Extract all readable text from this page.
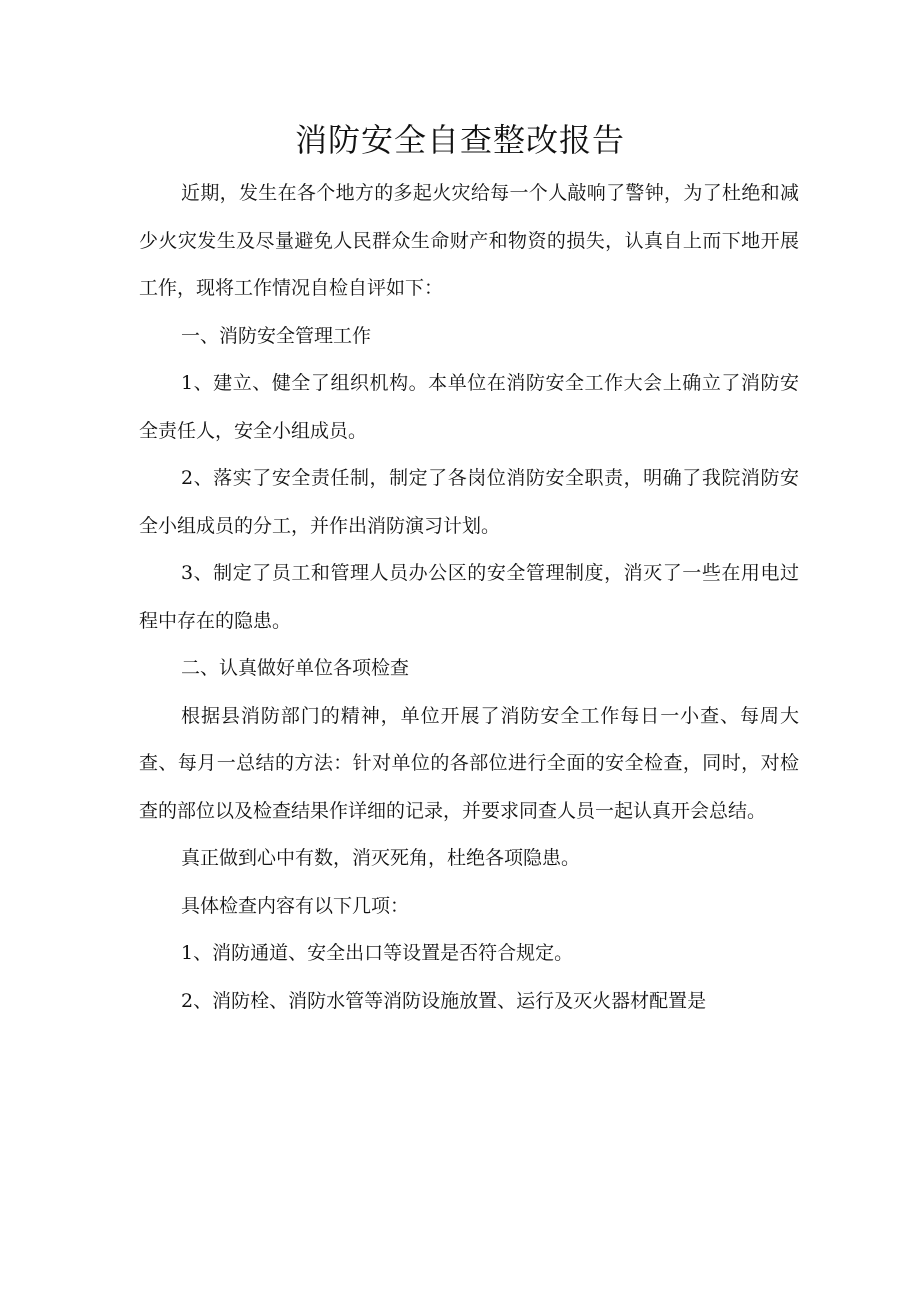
消防安全自查整改报告

近期，发生在各个地方的多起火灾给每一个人敲响了警钟，为了杜绝和减少火灾发生及尽量避免人民群众生命财产和物资的损失，认真自上而下地开展工作，现将工作情况自检自评如下：

一、消防安全管理工作

1、建立、健全了组织机构。本单位在消防安全工作大会上确立了消防安全责任人，安全小组成员。

2、落实了安全责任制，制定了各岗位消防安全职责，明确了我院消防安全小组成员的分工，并作出消防演习计划。

3、制定了员工和管理人员办公区的安全管理制度，消灭了一些在用电过程中存在的隐患。

二、认真做好单位各项检查

根据县消防部门的精神，单位开展了消防安全工作每日一小查、每周大查、每月一总结的方法：针对单位的各部位进行全面的安全检查，同时，对检查的部位以及检查结果作详细的记录，并要求同查人员一起认真开会总结。

真正做到心中有数，消灭死角，杜绝各项隐患。

具体检查内容有以下几项：

1、消防通道、安全出口等设置是否符合规定。

2、消防栓、消防水管等消防设施放置、运行及灭火器材配置是
